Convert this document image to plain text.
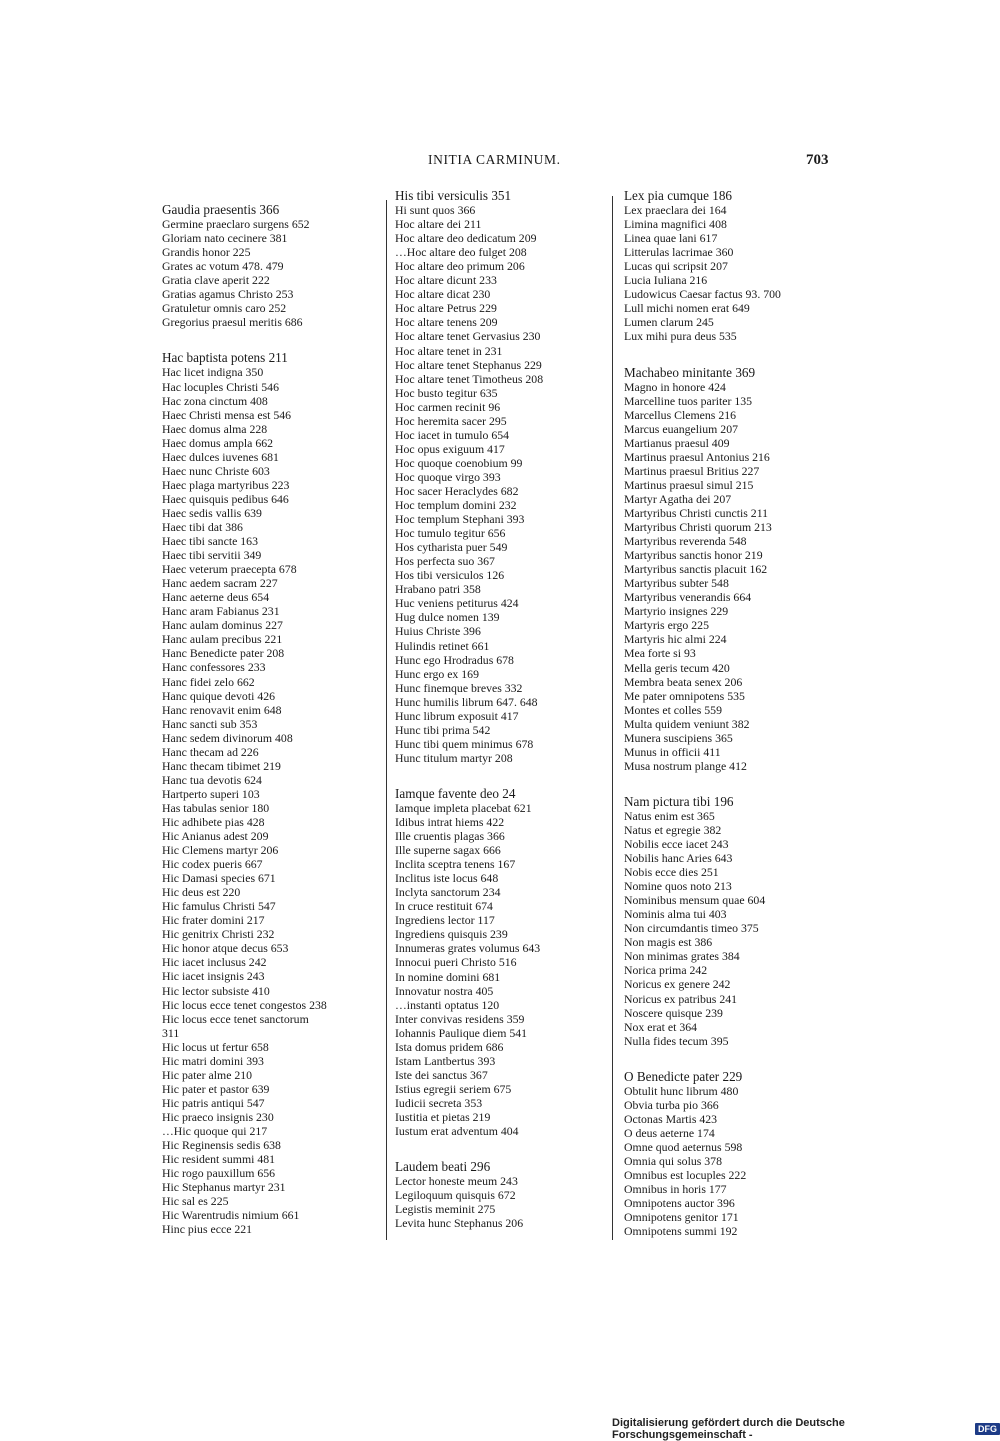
INITIA CARMINUM.	703
Gaudia praesentis 366
Germine praeclaro surgens 652
Gloriam nato cecinere 381
Grandis honor 225
Grates ac votum 478. 479
Gratia clave aperit 222
Gratias agamus Christo 253
Gratuletur omnis caro 252
Gregorius praesul meritis 686
Hac baptista potens 211
Hac licet indigna 350
Hac locuples Christi 546
Hac zona cinctum 408
Haec Christi mensa est 546
Haec domus alma 228
Haec domus ampla 662
Haec dulces iuvenes 681
Haec nunc Christe 603
Haec plaga martyribus 223
Haec quisquis pedibus 646
Haec sedis vallis 639
Haec tibi dat 386
Haec tibi sancte 163
Haec tibi servitii 349
Haec veterum praecepta 678
Hanc aedem sacram 227
Hanc aeterne deus 654
Hanc aram Fabianus 231
Hanc aulam dominus 227
Hanc aulam precibus 221
Hanc Benedicte pater 208
Hanc confessores 233
Hanc fidei zelo 662
Hanc quique devoti 426
Hanc renovavit enim 648
Hanc sancti sub 353
Hanc sedem divinorum 408
Hanc thecam ad 226
Hanc thecam tibimet 219
Hanc tua devotis 624
Hartperto superi 103
Has tabulas senior 180
Hic adhibete pias 428
Hic Anianus adest 209
Hic Clemens martyr 206
Hic codex pueris 667
Hic Damasi species 671
Hic deus est 220
Hic famulus Christi 547
Hic frater domini 217
Hic genitrix Christi 232
Hic honor atque decus 653
Hic iacet inclusus 242
Hic iacet insignis 243
Hic lector subsiste 410
Hic locus ecce tenet congestos 238
Hic locus ecce tenet sanctorum
311
Hic locus ut fertur 658
Hic matri domini 393
Hic pater alme 210
Hic pater et pastor 639
Hic patris antiqui 547
Hic praeco insignis 230
…Hic quoque qui 217
Hic Reginensis sedis 638
Hic resident summi 481
Hic rogo pauxillum 656
Hic Stephanus martyr 231
Hic sal es 225
Hic Warentrudis nimium 661
Hinc pius ecce 221
His tibi versiculis 351
Hi sunt quos 366
Hoc altare dei 211
Hoc altare deo dedicatum 209
…Hoc altare deo fulget 208
Hoc altare deo primum 206
Hoc altare dicunt 233
Hoc altare dicat 230
Hoc altare Petrus 229
Hoc altare tenens 209
Hoc altare tenet Gervasius 230
Hoc altare tenet in 231
Hoc altare tenet Stephanus 229
Hoc altare tenet Timotheus 208
Hoc busto tegitur 635
Hoc carmen recinit 96
Hoc heremita sacer 295
Hoc iacet in tumulo 654
Hoc opus exiguum 417
Hoc quoque coenobium 99
Hoc quoque virgo 393
Hoc sacer Heraclydes 682
Hoc templum domini 232
Hoc templum Stephani 393
Hoc tumulo tegitur 656
Hos cytharista puer 549
Hos perfecta suo 367
Hos tibi versiculos 126
Hrabano patri 358
Huc veniens petiturus 424
Hug dulce nomen 139
Huius Christe 396
Hulindis retinet 661
Hunc ego Hrodradus 678
Hunc ergo ex 169
Hunc finemque breves 332
Hunc humilis librum 647. 648
Hunc librum exposuit 417
Hunc tibi prima 542
Hunc tibi quem minimus 678
Hunc titulum martyr 208
Iamque favente deo 24
Iamque impleta placebat 621
Idibus intrat hiems 422
Ille cruentis plagas 366
Ille superne sagax 666
Inclita sceptra tenens 167
Inclitus iste locus 648
Inclyta sanctorum 234
In cruce restituit 674
Ingrediens lector 117
Ingrediens quisquis 239
Innumeras grates volumus 643
Innocui pueri Christo 516
In nomine domini 681
Innovatur nostra 405
…instanti optatus 120
Inter convivas residens 359
Iohannis Paulique diem 541
Ista domus pridem 686
Istam Lantbertus 393
Iste dei sanctus 367
Istius egregii seriem 675
Iudicii secreta 353
Iustitia et pietas 219
Iustum erat adventum 404
Laudem beati 296
Lector honeste meum 243
Legiloquum quisquis 672
Legistis meminit 275
Levita hunc Stephanus 206
Lex pia cumque 186
Lex praeclara dei 164
Limina magnifici 408
Linea quae lani 617
Litterulas lacrimae 360
Lucas qui scripsit 207
Lucia Iuliana 216
Ludowicus Caesar factus 93. 700
Lull michi nomen erat 649
Lumen clarum 245
Lux mihi pura deus 535
Machabeo minitante 369
Magno in honore 424
Marcelline tuos pariter 135
Marcellus Clemens 216
Marcus euangelium 207
Martianus praesul 409
Martinus praesul Antonius 216
Martinus praesul Britius 227
Martinus praesul simul 215
Martyr Agatha dei 207
Martyribus Christi cunctis 211
Martyribus Christi quorum 213
Martyribus reverenda 548
Martyribus sanctis honor 219
Martyribus sanctis placuit 162
Martyribus subter 548
Martyribus venerandis 664
Martyrio insignes 229
Martyris ergo 225
Martyris hic almi 224
Mea forte si 93
Mella geris tecum 420
Membra beata senex 206
Me pater omnipotens 535
Montes et colles 559
Multa quidem veniunt 382
Munera suscipiens 365
Munus in officii 411
Musa nostrum plange 412
Nam pictura tibi 196
Natus enim est 365
Natus et egregie 382
Nobilis ecce iacet 243
Nobilis hanc Aries 643
Nobis ecce dies 251
Nomine quos noto 213
Nominibus mensum quae 604
Nominis alma tui 403
Non circumdantis timeo 375
Non magis est 386
Non minimas grates 384
Norica prima 242
Noricus ex genere 242
Noricus ex patribus 241
Noscere quisque 239
Nox erat et 364
Nulla fides tecum 395
O Benedicte pater 229
Obtulit hunc librum 480
Obvia turba pio 366
Octonas Martis 423
O deus aeterne 174
Omne quod aeternus 598
Omnia qui solus 378
Omnibus est locuples 222
Omnibus in horis 177
Omnipotens auctor 396
Omnipotens genitor 171
Omnipotens summi 192
Digitalisierung gefördert durch die Deutsche Forschungsgemeinschaft -	DFG
